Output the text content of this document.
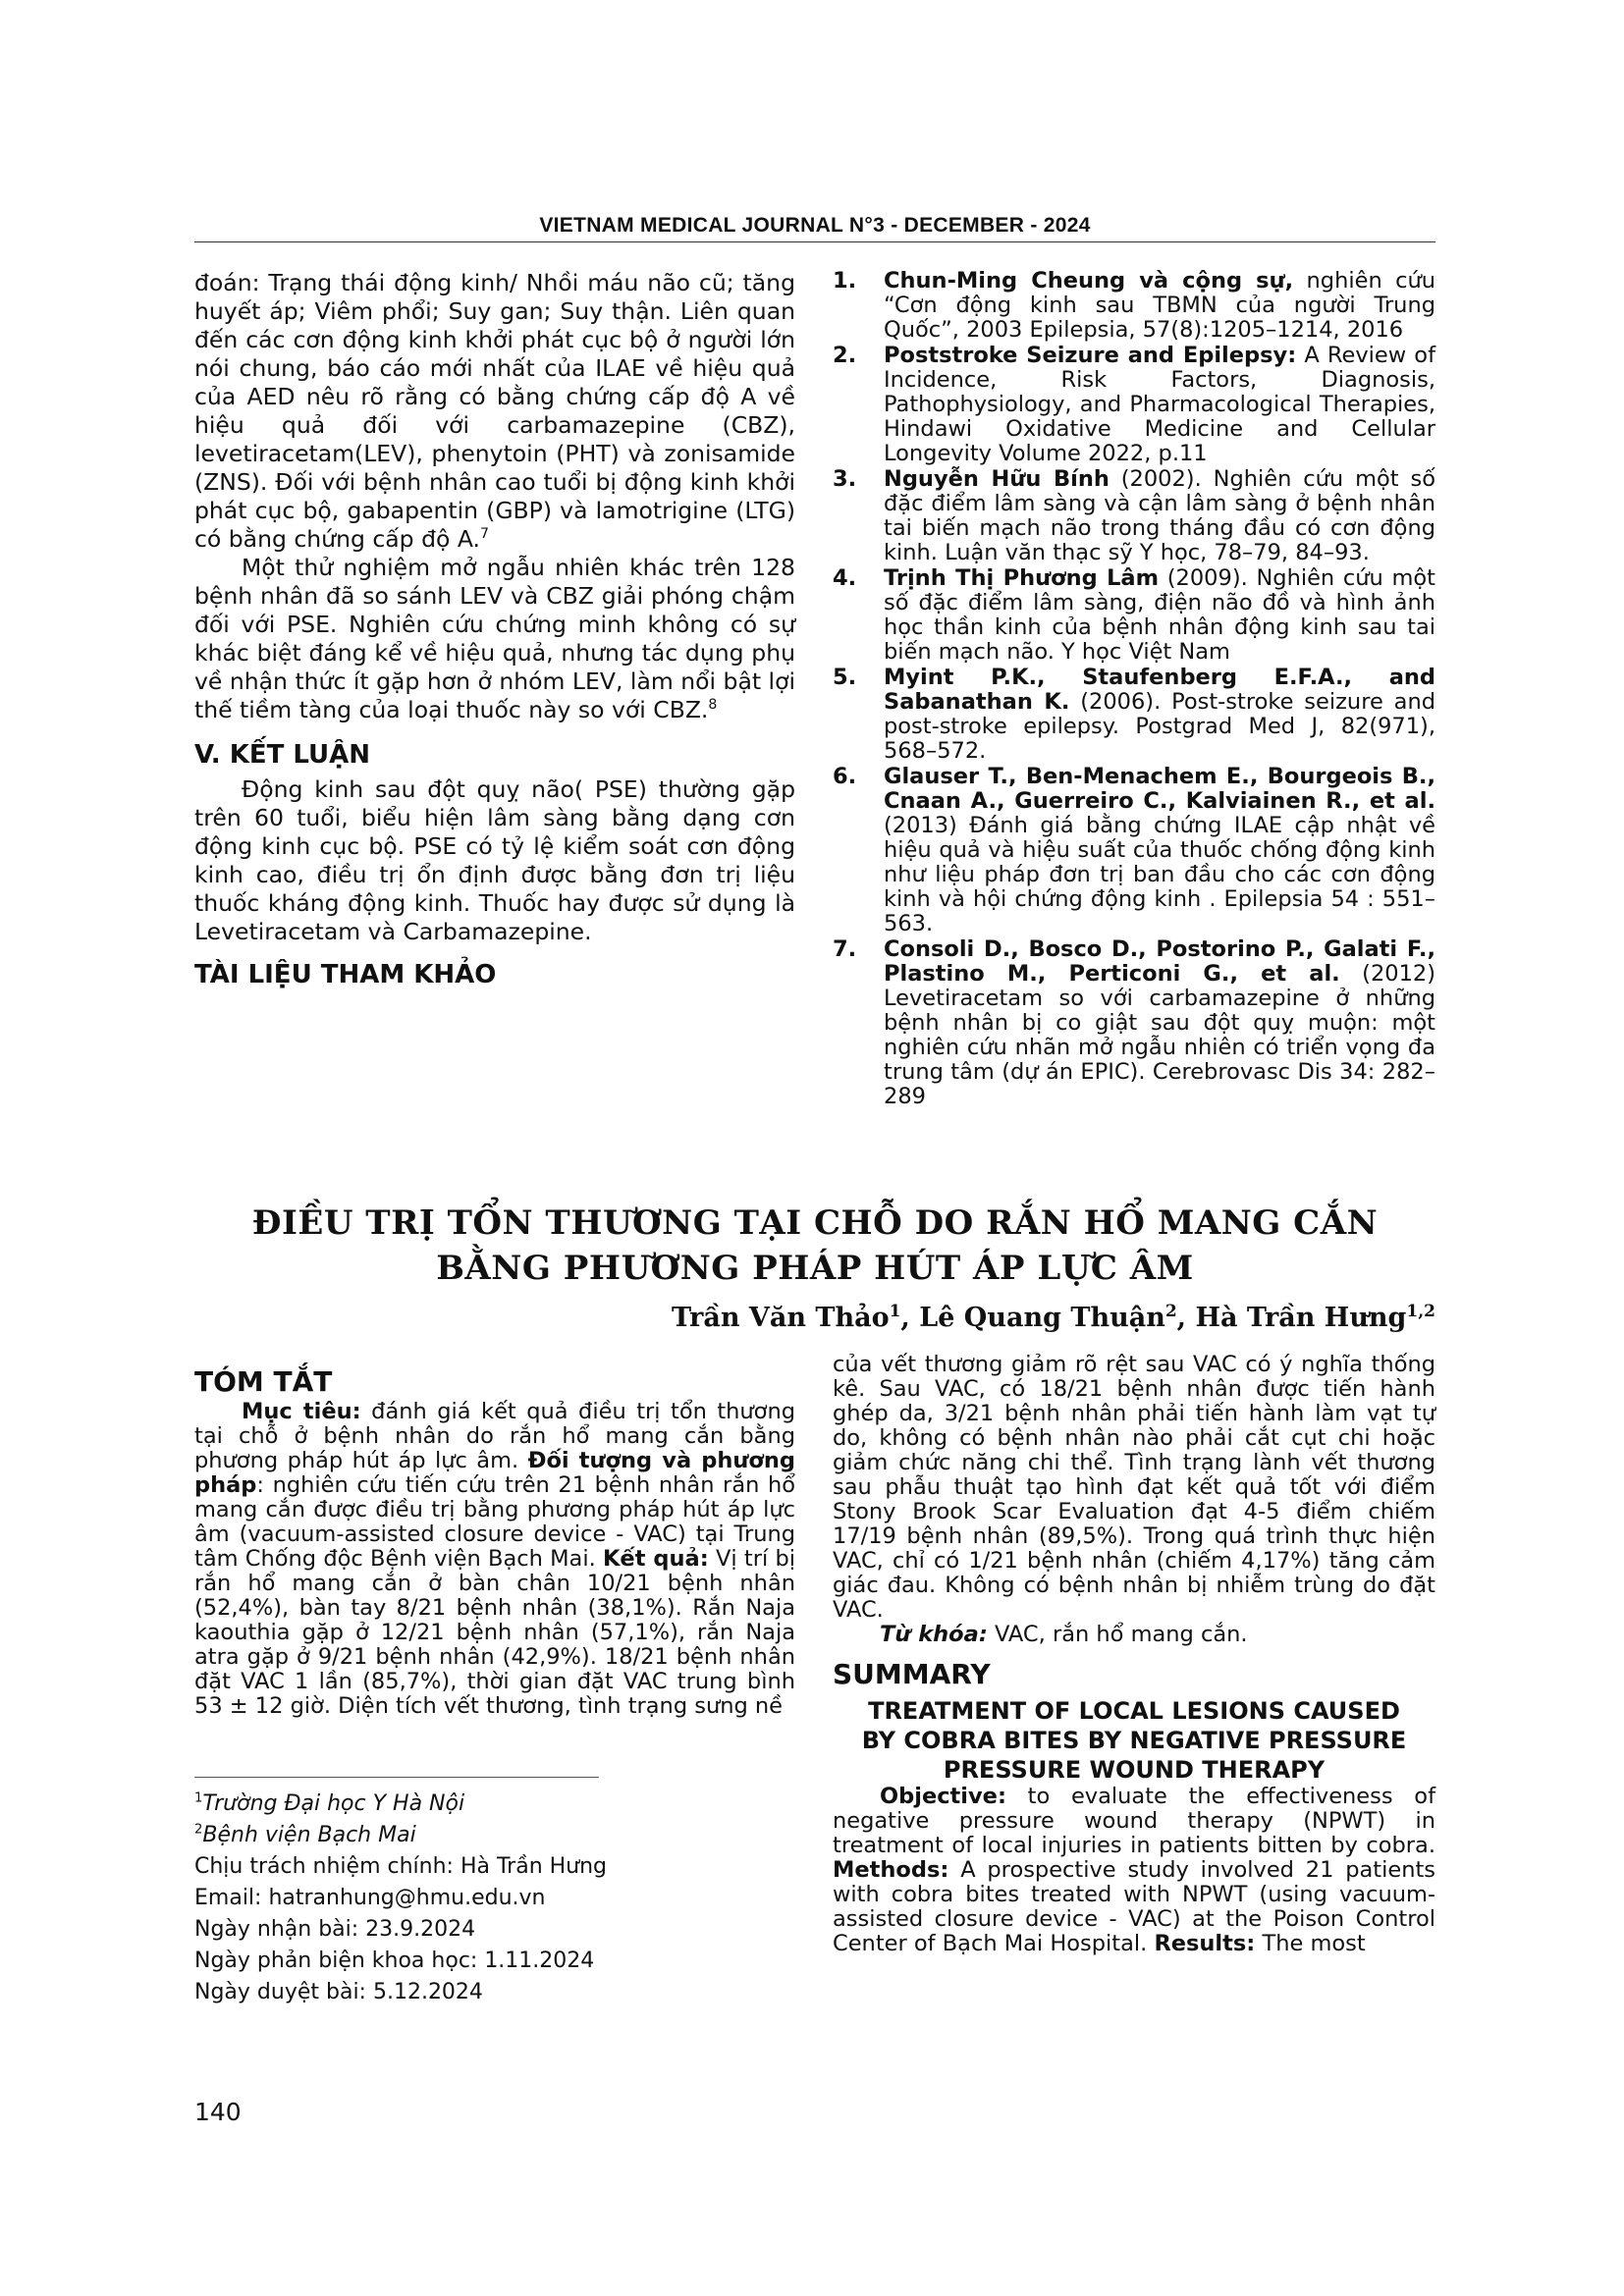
VIETNAM MEDICAL JOURNAL N°3 - DECEMBER - 2024

đoán: Trạng thái động kinh/ Nhồi máu não cũ; tăng huyết áp; Viêm phổi; Suy gan; Suy thận. Liên quan đến các cơn động kinh khởi phát cục bộ ở người lớn nói chung, báo cáo mới nhất của ILAE về hiệu quả của AED nêu rõ rằng có bằng chứng cấp độ A về hiệu quả đối với carbamazepine (CBZ), levetiracetam(LEV), phenytoin (PHT) và zonisamide (ZNS). Đối với bệnh nhân cao tuổi bị động kinh khởi phát cục bộ, gabapentin (GBP) và lamotrigine (LTG) có bằng chứng cấp độ A.$^7$

Một thử nghiệm mở ngẫu nhiên khác trên 128 bệnh nhân đã so sánh LEV và CBZ giải phóng chậm đối với PSE. Nghiên cứu chứng minh không có sự khác biệt đáng kể về hiệu quả, nhưng tác dụng phụ về nhận thức ít gặp hơn ở nhóm LEV, làm nổi bật lợi thế tiềm tàng của loại thuốc này so với CBZ.$^8$

V. KẾT LUẬN

Động kinh sau đột quỵ não( PSE) thường gặp trên 60 tuổi, biểu hiện lâm sàng bằng dạng cơn động kinh cục bộ. PSE có tỷ lệ kiểm soát cơn động kinh cao, điều trị ổn định được bằng đơn trị liệu thuốc kháng động kinh. Thuốc hay được sử dụng là Levetiracetam và Carbamazepine.

TÀI LIỆU THAM KHẢO
1. Chun-Ming Cheung và cộng sự, nghiên cứu “Cơn động kinh sau TBMN của người Trung Quốc”, 2003 Epilepsia, 57(8):1205–1214, 2016
2. Poststroke Seizure and Epilepsy: A Review of Incidence, Risk Factors, Diagnosis, Pathophysiology, and Pharmacological Therapies, Hindawi Oxidative Medicine and Cellular Longevity Volume 2022, p.11
3. Nguyễn Hữu Bính (2002). Nghiên cứu một số đặc điểm lâm sàng và cận lâm sàng ở bệnh nhân tai biến mạch não trong tháng đầu có cơn động kinh. Luận văn thạc sỹ Y học, 78–79, 84–93.
4. Trịnh Thị Phương Lâm (2009). Nghiên cứu một số đặc điểm lâm sàng, điện não đồ và hình ảnh học thần kinh của bệnh nhân động kinh sau tai biến mạch não. Y học Việt Nam
5. Myint P.K., Staufenberg E.F.A., and Sabanathan K. (2006). Post-stroke seizure and post-stroke epilepsy. Postgrad Med J, 82(971), 568–572.
6. Glauser T., Ben-Menachem E., Bourgeois B., Cnaan A., Guerreiro C., Kalviainen R., et al. (2013) Đánh giá bằng chứng ILAE cập nhật về hiệu quả và hiệu suất của thuốc chống động kinh như liệu pháp đơn trị ban đầu cho các cơn động kinh và hội chứng động kinh . Epilepsia 54 : 551–563.
7. Consoli D., Bosco D., Postorino P., Galati F., Plastino M., Perticoni G., et al. (2012) Levetiracetam so với carbamazepine ở những bệnh nhân bị co giật sau đột quỵ muộn: một nghiên cứu nhãn mở ngẫu nhiên có triển vọng đa trung tâm (dự án EPIC). Cerebrovasc Dis 34: 282–289
ĐIỀU TRỊ TỔN THƯƠNG TẠI CHỖ DO RẮN HỔ MANG CẮN
BẰNG PHƯƠNG PHÁP HÚT ÁP LỰC ÂM
Trần Văn Thảo$^1$, Lê Quang Thuận$^2$, Hà Trần Hưng$^{1,2}$
TÓM TẮT

Mục tiêu: đánh giá kết quả điều trị tổn thương tại chỗ ở bệnh nhân do rắn hổ mang cắn bằng phương pháp hút áp lực âm. Đối tượng và phương pháp: nghiên cứu tiến cứu trên 21 bệnh nhân rắn hổ mang cắn được điều trị bằng phương pháp hút áp lực âm (vacuum-assisted closure device - VAC) tại Trung tâm Chống độc Bệnh viện Bạch Mai. Kết quả: Vị trí bị rắn hổ mang cắn ở bàn chân 10/21 bệnh nhân (52,4%), bàn tay 8/21 bệnh nhân (38,1%). Rắn Naja kaouthia gặp ở 12/21 bệnh nhân (57,1%), rắn Naja atra gặp ở 9/21 bệnh nhân (42,9%). 18/21 bệnh nhân đặt VAC 1 lần (85,7%), thời gian đặt VAC trung bình 53 ± 12 giờ. Diện tích vết thương, tình trạng sưng nề

$^1$Trường Đại học Y Hà Nội
$^2$Bệnh viện Bạch Mai
Chịu trách nhiệm chính: Hà Trần Hưng
Email: hatranhung@hmu.edu.vn
Ngày nhận bài: 23.9.2024
Ngày phản biện khoa học: 1.11.2024
Ngày duyệt bài: 5.12.2024

của vết thương giảm rõ rệt sau VAC có ý nghĩa thống kê. Sau VAC, có 18/21 bệnh nhân được tiến hành ghép da, 3/21 bệnh nhân phải tiến hành làm vạt tự do, không có bệnh nhân nào phải cắt cụt chi hoặc giảm chức năng chi thể. Tình trạng lành vết thương sau phẫu thuật tạo hình đạt kết quả tốt với điểm Stony Brook Scar Evaluation đạt 4-5 điểm chiếm 17/19 bệnh nhân (89,5%). Trong quá trình thực hiện VAC, chỉ có 1/21 bệnh nhân (chiếm 4,17%) tăng cảm giác đau. Không có bệnh nhân bị nhiễm trùng do đặt VAC.

Từ khóa: VAC, rắn hổ mang cắn.

SUMMARY
TREATMENT OF LOCAL LESIONS CAUSED
BY COBRA BITES BY NEGATIVE PRESSURE
PRESSURE WOUND THERAPY

Objective: to evaluate the effectiveness of negative pressure wound therapy (NPWT) in treatment of local injuries in patients bitten by cobra. Methods: A prospective study involved 21 patients with cobra bites treated with NPWT (using vacuum-assisted closure device - VAC) at the Poison Control Center of Bạch Mai Hospital. Results: The most

140
